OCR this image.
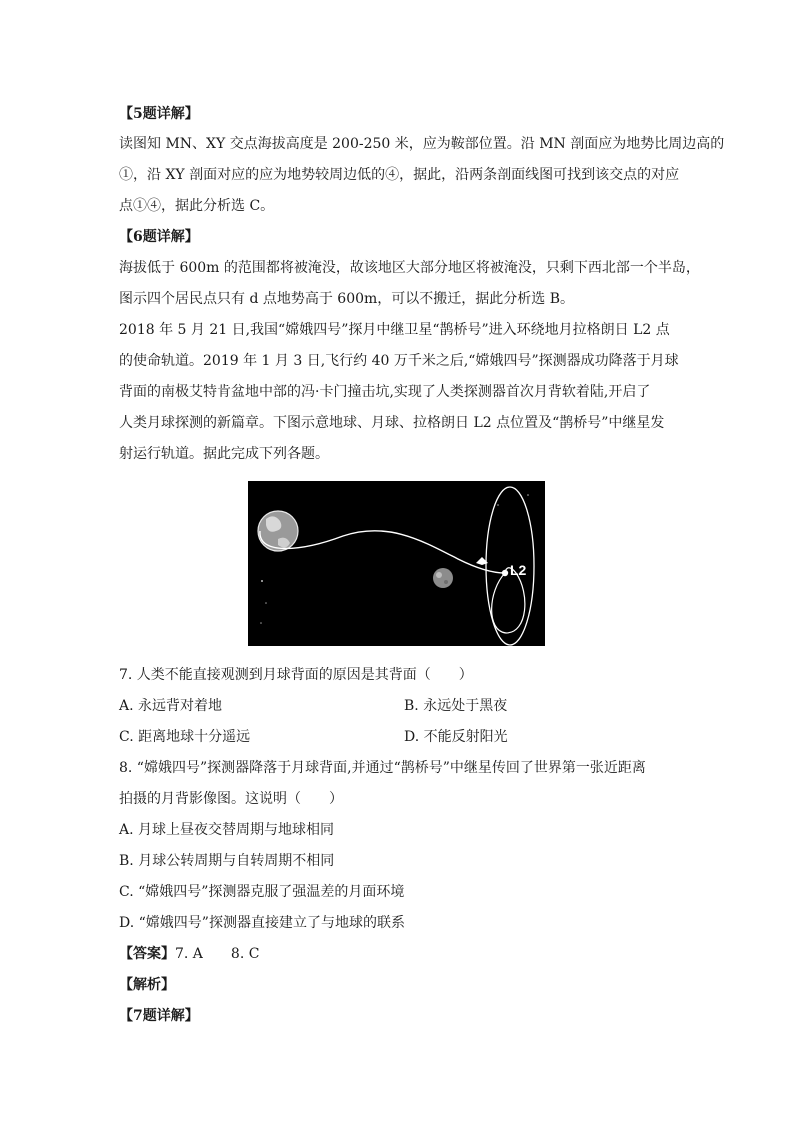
【5题详解】
读图知 MN、XY 交点海拔高度是 200-250 米，应为鞍部位置。沿 MN 剖面应为地势比周边高的
①，沿 XY 剖面对应的应为地势较周边低的④，据此，沿两条剖面线图可找到该交点的对应
点①④，据此分析选 C。
【6题详解】
海拔低于 600m 的范围都将被淹没，故该地区大部分地区将被淹没，只剩下西北部一个半岛，
图示四个居民点只有 d 点地势高于 600m，可以不搬迁，据此分析选 B。
2018 年 5 月 21 日,我国“嫦娥四号”探月中继卫星“鹊桥号”进入环绕地月拉格朗日 L2 点
的使命轨道。2019 年 1 月 3 日,飞行约 40 万千米之后,“嫦娥四号”探测器成功降落于月球
背面的南极艾特肯盆地中部的冯·卡门撞击坑,实现了人类探测器首次月背软着陆,开启了
人类月球探测的新篇章。下图示意地球、月球、拉格朗日 L2 点位置及“鹊桥号”中继星发
射运行轨道。据此完成下列各题。
L2
7. 人类不能直接观测到月球背面的原因是其背面（　　）
A. 永远背对着地	B. 永远处于黑夜
C. 距离地球十分遥远	D. 不能反射阳光
8. “嫦娥四号”探测器降落于月球背面,并通过“鹊桥号”中继星传回了世界第一张近距离
拍摄的月背影像图。这说明（　　）
A. 月球上昼夜交替周期与地球相同
B. 月球公转周期与自转周期不相同
C. “嫦娥四号”探测器克服了强温差的月面环境
D. “嫦娥四号”探测器直接建立了与地球的联系
【答案】7. A　　8. C
【解析】
【7题详解】
